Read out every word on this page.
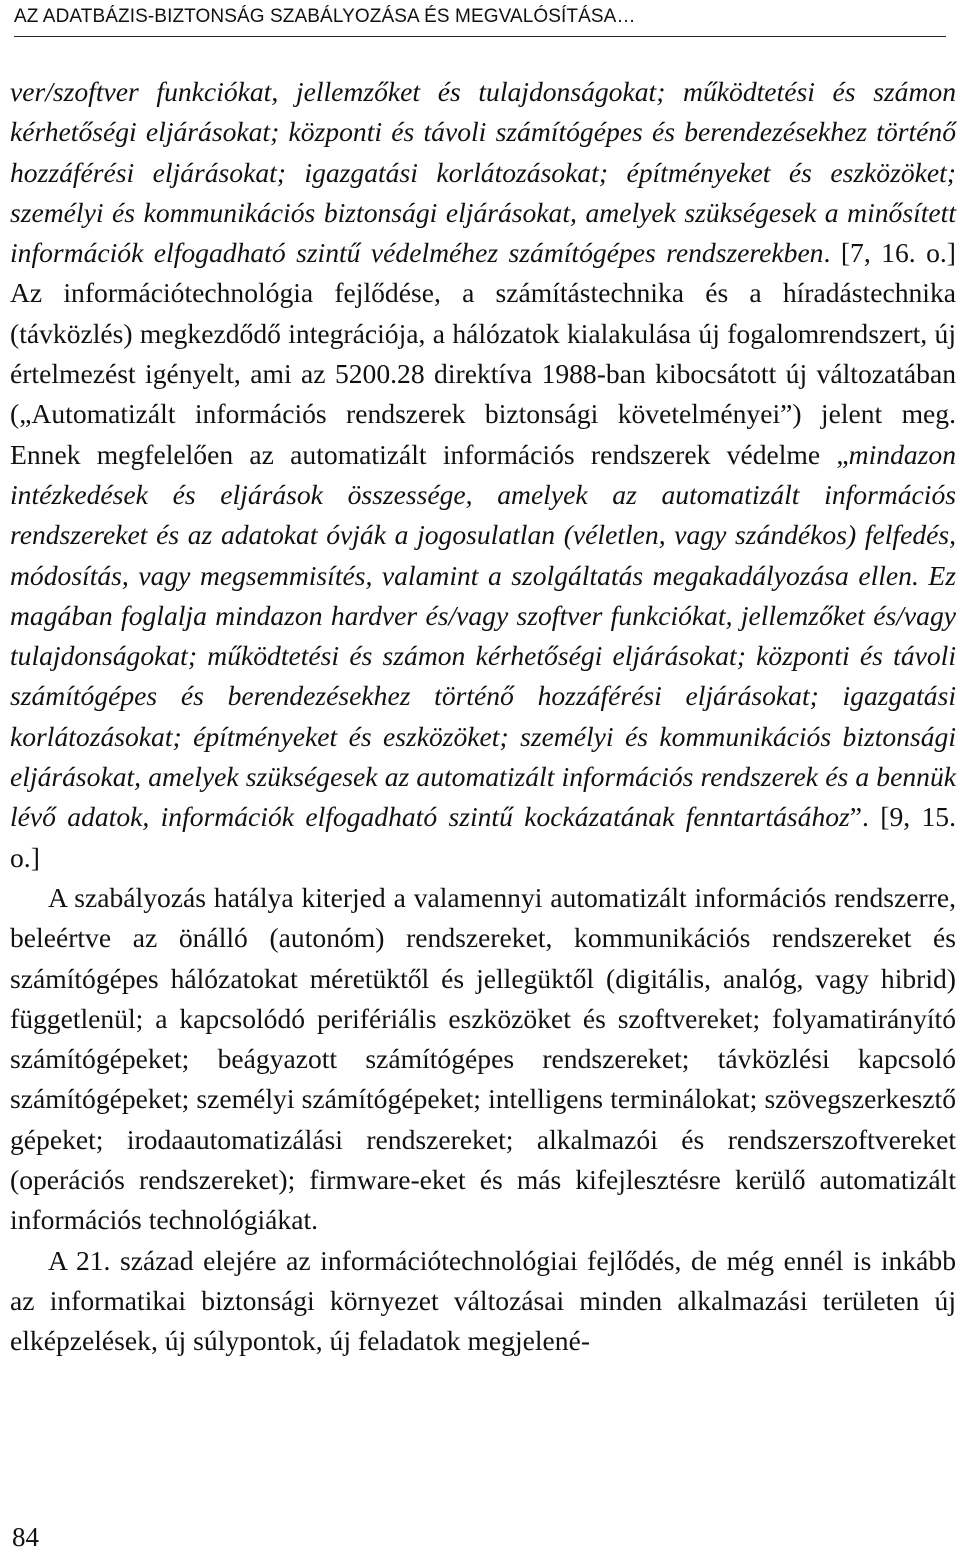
AZ ADATBÁZIS-BIZTONSÁG SZABÁLYOZÁSA ÉS MEGVALÓSÍTÁSA…

ver/szoftver funkciókat, jellemzőket és tulajdonságokat; működtetési és számon kérhetőségi eljárásokat; központi és távoli számítógépes és berendezésekhez történő hozzáférési eljárásokat; igazgatási korlátozásokat; építményeket és eszközöket; személyi és kommunikációs biztonsági eljárásokat, amelyek szükségesek a minősített információk elfogadható szintű védelméhez számítógépes rendszerekben. [7, 16. o.] Az információtechnológia fejlődése, a számítástechnika és a híradástechnika (távközlés) megkezdődő integrációja, a hálózatok kialakulása új fogalomrendszert, új értelmezést igényelt, ami az 5200.28 direktíva 1988-ban kibocsátott új változatában („Automatizált információs rendszerek biztonsági követelményei”) jelent meg. Ennek megfelelően az automatizált információs rendszerek védelme „mindazon intézkedések és eljárások összessége, amelyek az automatizált információs rendszereket és az adatokat óvják a jogosulatlan (véletlen, vagy szándékos) felfedés, módosítás, vagy megsemmisítés, valamint a szolgáltatás megakadályozása ellen. Ez magában foglalja mindazon hardver és/vagy szoftver funkciókat, jellemzőket és/vagy tulajdonságokat; működtetési és számon kérhetőségi eljárásokat; központi és távoli számítógépes és berendezésekhez történő hozzáférési eljárásokat; igazgatási korlátozásokat; építményeket és eszközöket; személyi és kommunikációs biztonsági eljárásokat, amelyek szükségesek az automatizált információs rendszerek és a bennük lévő adatok, információk elfogadható szintű kockázatának fenntartásához”. [9, 15. o.]

A szabályozás hatálya kiterjed a valamennyi automatizált információs rendszerre, beleértve az önálló (autonóm) rendszereket, kommunikációs rendszereket és számítógépes hálózatokat méretüktől és jellegüktől (digitális, analóg, vagy hibrid) függetlenül; a kapcsolódó perifériális eszközöket és szoftvereket; folyamatirányító számítógépeket; beágyazott számítógépes rendszereket; távközlési kapcsoló számítógépeket; személyi számítógépeket; intelligens terminálokat; szövegszerkesztő gépeket; irodaautomatizálási rendszereket; alkalmazói és rendszerszoftvereket (operációs rendszereket); firmware-eket és más kifejlesztésre kerülő automatizált információs technológiákat.

A 21. század elejére az információtechnológiai fejlődés, de még ennél is inkább az informatikai biztonsági környezet változásai minden alkalmazási területen új elképzelések, új súlypontok, új feladatok megjelené-

84
